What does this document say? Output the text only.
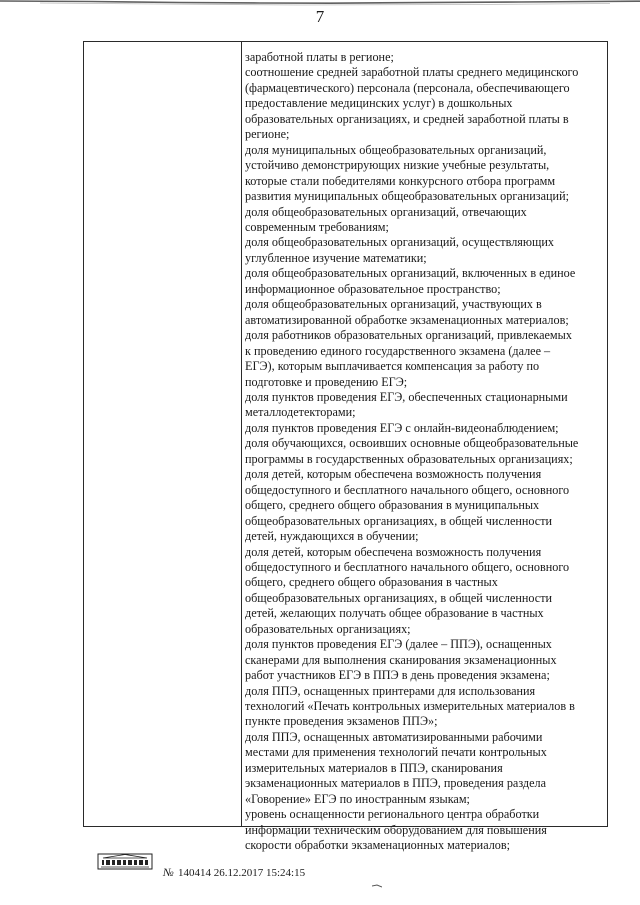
7
заработной платы в регионе;
соотношение средней заработной платы среднего медицинского
(фармацевтического) персонала (персонала, обеспечивающего
предоставление медицинских услуг) в дошкольных
образовательных организациях, и средней заработной платы в
регионе;
доля муниципальных общеобразовательных организаций,
устойчиво демонстрирующих низкие учебные результаты,
которые стали победителями конкурсного отбора программ
развития муниципальных общеобразовательных организаций;
доля общеобразовательных организаций, отвечающих
современным требованиям;
доля общеобразовательных организаций, осуществляющих
углубленное изучение математики;
доля общеобразовательных организаций, включенных в единое
информационное образовательное пространство;
доля общеобразовательных организаций, участвующих в
автоматизированной обработке экзаменационных материалов;
доля работников образовательных организаций, привлекаемых
к проведению единого государственного экзамена (далее –
ЕГЭ), которым выплачивается компенсация за работу по
подготовке и проведению ЕГЭ;
доля пунктов проведения ЕГЭ, обеспеченных стационарными
металлодетекторами;
доля пунктов проведения ЕГЭ с онлайн-видеонаблюдением;
доля обучающихся, освоивших основные общеобразовательные
программы в государственных образовательных организациях;
доля детей, которым обеспечена возможность получения
общедоступного и бесплатного начального общего, основного
общего, среднего общего образования в муниципальных
общеобразовательных организациях, в общей численности
детей, нуждающихся в обучении;
доля детей, которым обеспечена возможность получения
общедоступного и бесплатного начального общего, основного
общего, среднего общего образования в частных
общеобразовательных организациях, в общей численности
детей, желающих получать общее образование в частных
образовательных организациях;
доля пунктов проведения ЕГЭ (далее – ППЭ), оснащенных
сканерами для выполнения сканирования экзаменационных
работ участников ЕГЭ в ППЭ в день проведения экзамена;
доля ППЭ, оснащенных принтерами для использования
технологий «Печать контрольных измерительных материалов в
пункте проведения экзаменов ППЭ»;
доля ППЭ, оснащенных автоматизированными рабочими
местами для применения технологий печати контрольных
измерительных материалов в ППЭ, сканирования
экзаменационных материалов в ППЭ, проведения раздела
«Говорение» ЕГЭ по иностранным языкам;
уровень оснащенности регионального центра обработки
информации техническим оборудованием для повышения
скорости обработки экзаменационных материалов;
№ 140414 26.12.2017 15:24:15
